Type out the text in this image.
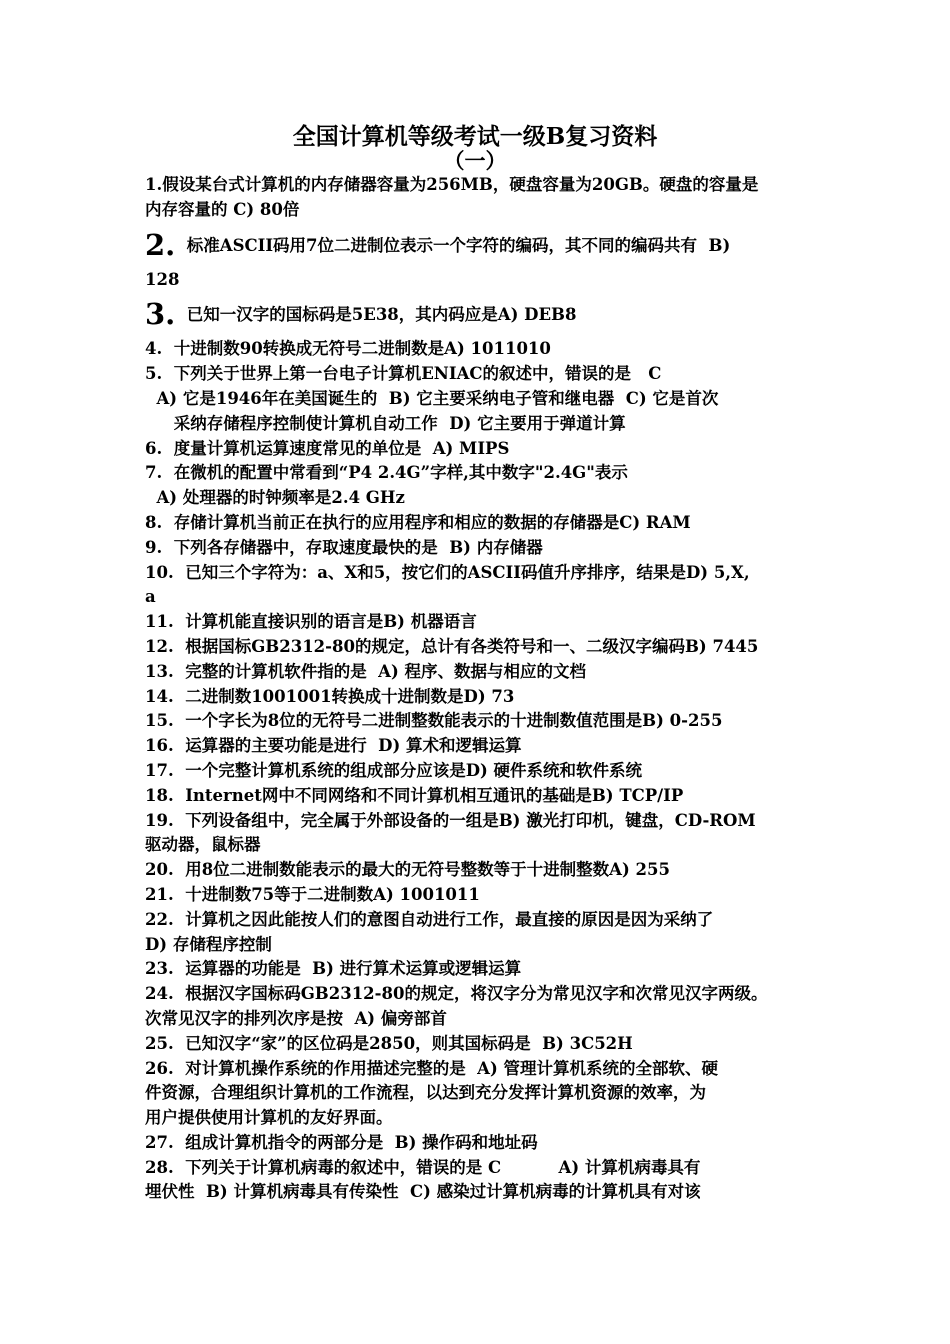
全国计算机等级考试一级B复习资料
（一）

1.假设某台式计算机的内存储器容量为256MB，硬盘容量为20GB。硬盘的容量是

内存容量的 C) 80倍

2.  标准ASCII码用7位二进制位表示一个字符的编码，其不同的编码共有  B)

128

3.  已知一汉字的国标码是5E38，其内码应是A) DEB8

4.  十进制数90转换成无符号二进制数是A) 1011010

5.  下列关于世界上第一台电子计算机ENIAC的叙述中，错误的是   C

A) 它是1946年在美国诞生的  B) 它主要采纳电子管和继电器  C) 它是首次

采纳存储程序控制使计算机自动工作  D) 它主要用于弹道计算

6.  度量计算机运算速度常见的单位是  A) MIPS

7.  在微机的配置中常看到“P4 2.4G”字样,其中数字"2.4G"表示

A) 处理器的时钟频率是2.4 GHz

8.  存储计算机当前正在执行的应用程序和相应的数据的存储器是C) RAM

9.  下列各存储器中，存取速度最快的是  B) 内存储器

10.  已知三个字符为：a、X和5，按它们的ASCII码值升序排序，结果是D) 5,X,

a

11.  计算机能直接识别的语言是B) 机器语言

12.  根据国标GB2312-80的规定，总计有各类符号和一、二级汉字编码B) 7445

13.  完整的计算机软件指的是  A) 程序、数据与相应的文档

14.  二进制数1001001转换成十进制数是D) 73

15.  一个字长为8位的无符号二进制整数能表示的十进制数值范围是B) 0-255

16.  运算器的主要功能是进行  D) 算术和逻辑运算

17.  一个完整计算机系统的组成部分应该是D) 硬件系统和软件系统

18.  Internet网中不同网络和不同计算机相互通讯的基础是B) TCP/IP

19.  下列设备组中，完全属于外部设备的一组是B) 激光打印机，键盘，CD-ROM

驱动器，鼠标器

20.  用8位二进制数能表示的最大的无符号整数等于十进制整数A) 255

21.  十进制数75等于二进制数A) 1001011

22.  计算机之因此能按人们的意图自动进行工作，最直接的原因是因为采纳了

D) 存储程序控制

23.  运算器的功能是  B) 进行算术运算或逻辑运算

24.  根据汉字国标码GB2312-80的规定，将汉字分为常见汉字和次常见汉字两级。

次常见汉字的排列次序是按  A) 偏旁部首

25.  已知汉字“家”的区位码是2850，则其国标码是  B) 3C52H

26.  对计算机操作系统的作用描述完整的是  A) 管理计算机系统的全部软、硬

件资源，合理组织计算机的工作流程，以达到充分发挥计算机资源的效率，为

用户提供使用计算机的友好界面。

27.  组成计算机指令的两部分是  B) 操作码和地址码

28.  下列关于计算机病毒的叙述中，错误的是 C          A) 计算机病毒具有

埋伏性  B) 计算机病毒具有传染性  C) 感染过计算机病毒的计算机具有对该
